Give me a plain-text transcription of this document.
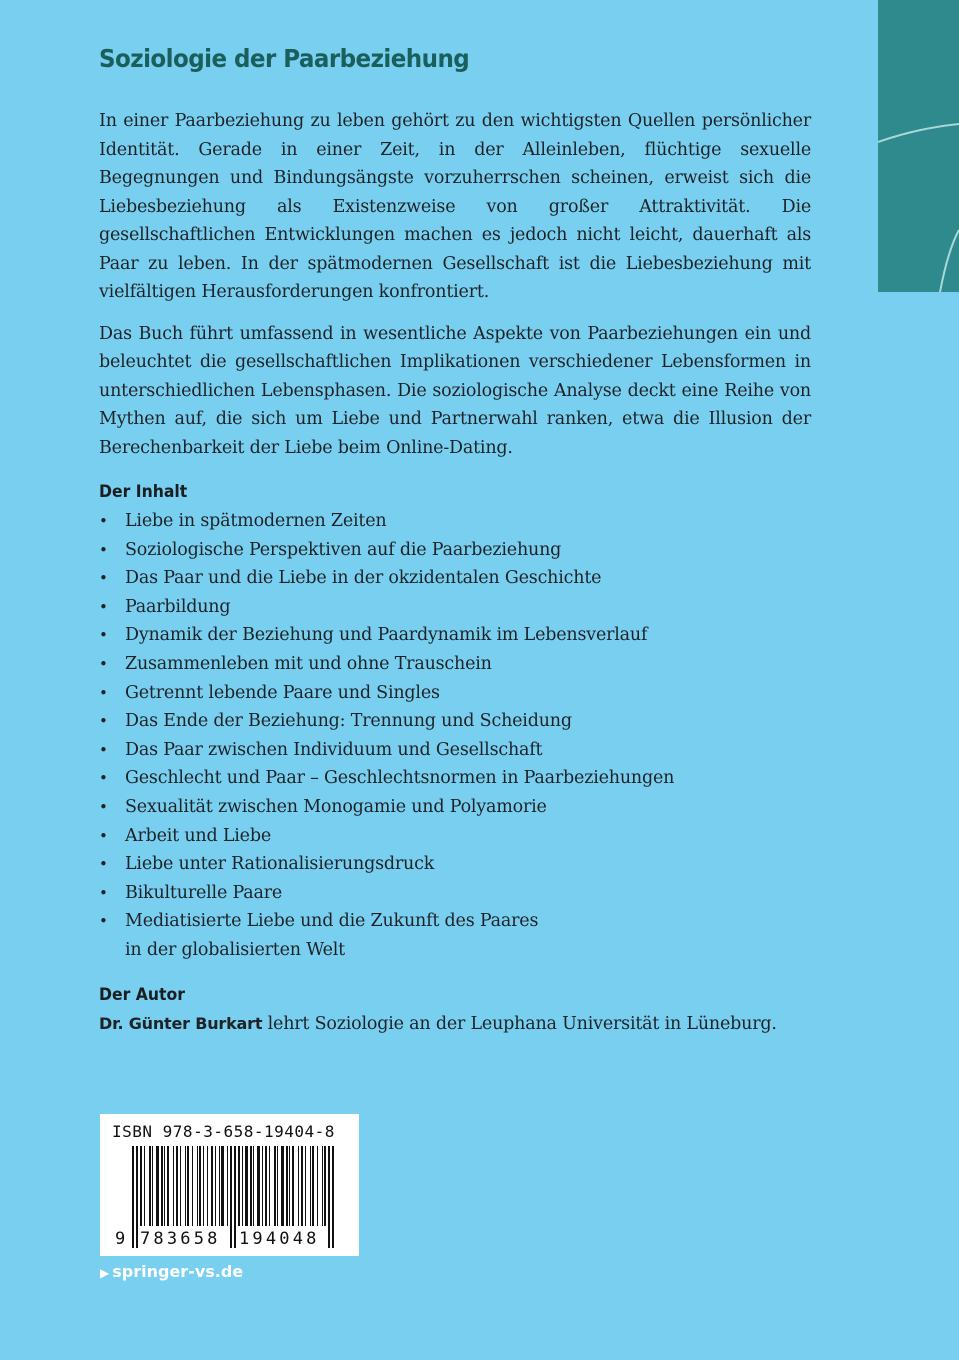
Soziologie der Paarbeziehung

In einer Paarbeziehung zu leben gehört zu den wichtigsten Quellen persönlicher Identität. Gerade in einer Zeit, in der Alleinleben, flüchtige sexuelle Begegnungen und Bindungsängste vorzuherrschen scheinen, erweist sich die Liebesbeziehung als Existenzweise von großer Attraktivität. Die gesellschaftlichen Entwicklungen machen es jedoch nicht leicht, dauerhaft als Paar zu leben. In der spätmodernen Gesellschaft ist die Liebesbeziehung mit vielfältigen Herausforderungen konfrontiert.

Das Buch führt umfassend in wesentliche Aspekte von Paarbeziehungen ein und beleuchtet die gesellschaftlichen Implikationen verschiedener Lebensformen in unterschiedlichen Lebensphasen. Die soziologische Analyse deckt eine Reihe von Mythen auf, die sich um Liebe und Partnerwahl ranken, etwa die Illusion der Berechenbarkeit der Liebe beim Online-Dating.

Der Inhalt
• Liebe in spätmodernen Zeiten
• Soziologische Perspektiven auf die Paarbeziehung
• Das Paar und die Liebe in der okzidentalen Geschichte
• Paarbildung
• Dynamik der Beziehung und Paardynamik im Lebensverlauf
• Zusammenleben mit und ohne Trauschein
• Getrennt lebende Paare und Singles
• Das Ende der Beziehung: Trennung und Scheidung
• Das Paar zwischen Individuum und Gesellschaft
• Geschlecht und Paar – Geschlechtsnormen in Paarbeziehungen
• Sexualität zwischen Monogamie und Polyamorie
• Arbeit und Liebe
• Liebe unter Rationalisierungsdruck
• Bikulturelle Paare
• Mediatisierte Liebe und die Zukunft des Paares
in der globalisierten Welt
Der Autor
Dr. Günter Burkart lehrt Soziologie an der Leuphana Universität in Lüneburg.
ISBN 978-3-658-19404-8
9 783658 194048
▶ springer-vs.de
